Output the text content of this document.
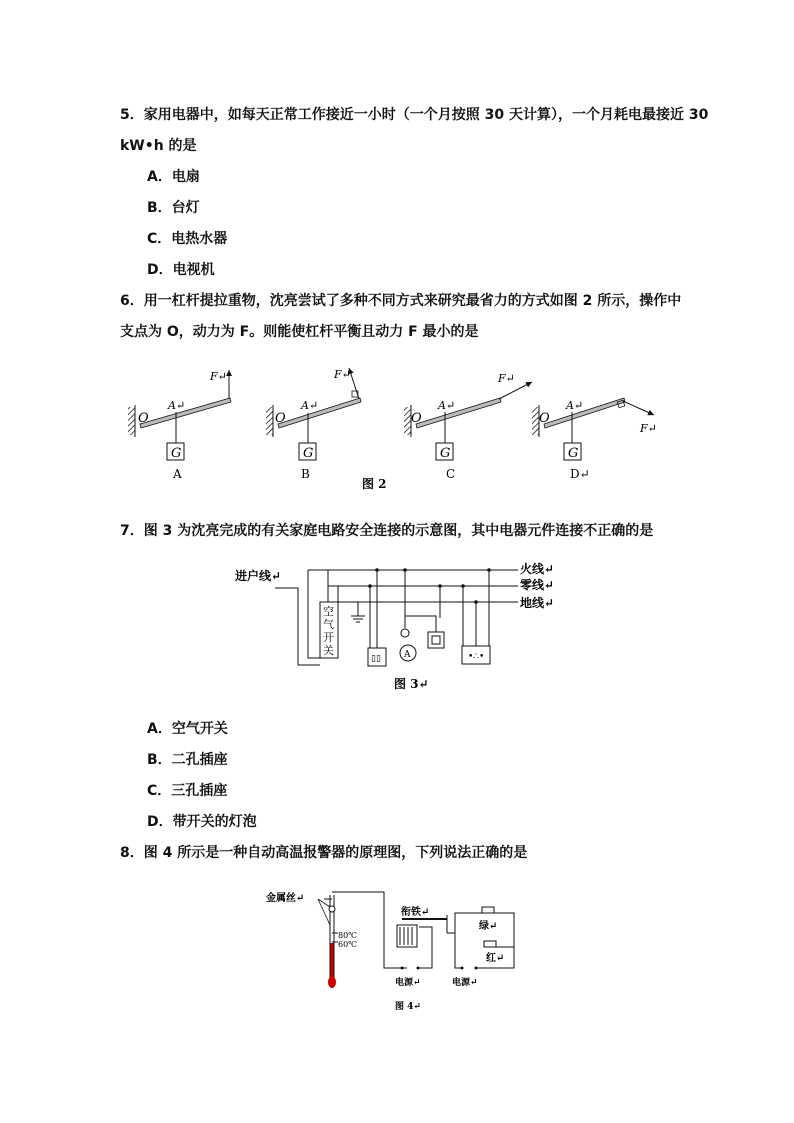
5．家用电器中，如每天正常工作接近一小时（一个月按照 30 天计算），一个月耗电最接近 30
kW•h 的是
A．电扇
B．台灯
C．电热水器
D．电视机
6．用一杠杆提拉重物，沈亮尝试了多种不同方式来研究最省力的方式如图 2 所示，操作中
支点为 O，动力为 F。则能使杠杆平衡且动力 F 最小的是
O
A↵
G
F↵
A
O
A↵
G
F↵
B
O
A↵
G
F↵
C
O
A↵
G
F↵
D↵
图 2
7．图 3 为沈亮完成的有关家庭电路安全连接的示意图，其中电器元件连接不正确的是
火线↵
零线↵
地线↵
进户线↵
空
气
开
关
▯▯	A	•∴•
图 3↵
A．空气开关
B．二孔插座
C．三孔插座
D．带开关的灯泡
8．图 4 所示是一种自动高温报警器的原理图，下列说法正确的是
金属丝↵
80℃
60℃
电源↵
衔铁↵
电源↵
绿↵
红↵
图 4↵
